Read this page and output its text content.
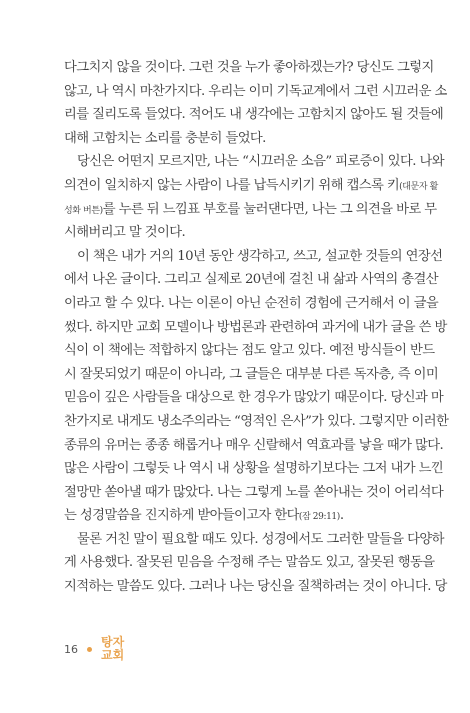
다그치지 않을 것이다. 그런 것을 누가 좋아하겠는가? 당신도 그렇지
않고, 나 역시 마찬가지다. 우리는 이미 기독교계에서 그런 시끄러운 소
리를 질리도록 들었다. 적어도 내 생각에는 고함치지 않아도 될 것들에
대해 고함치는 소리를 충분히 들었다.
당신은 어떤지 모르지만, 나는 “시끄러운 소음” 피로증이 있다. 나와
의견이 일치하지 않는 사람이 나를 납득시키기 위해 캡스록 키(대문자 활
성화 버튼)를 누른 뒤 느낌표 부호를 눌러댄다면, 나는 그 의견을 바로 무
시해버리고 말 것이다.
이 책은 내가 거의 10년 동안 생각하고, 쓰고, 설교한 것들의 연장선
에서 나온 글이다. 그리고 실제로 20년에 걸친 내 삶과 사역의 총결산
이라고 할 수 있다. 나는 이론이 아닌 순전히 경험에 근거해서 이 글을
썼다. 하지만 교회 모델이나 방법론과 관련하여 과거에 내가 글을 쓴 방
식이 이 책에는 적합하지 않다는 점도 알고 있다. 예전 방식들이 반드
시 잘못되었기 때문이 아니라, 그 글들은 대부분 다른 독자층, 즉 이미
믿음이 깊은 사람들을 대상으로 한 경우가 많았기 때문이다. 당신과 마
찬가지로 내게도 냉소주의라는 “영적인 은사”가 있다. 그렇지만 이러한
종류의 유머는 종종 해롭거나 매우 신랄해서 역효과를 낳을 때가 많다.
많은 사람이 그렇듯 나 역시 내 상황을 설명하기보다는 그저 내가 느낀
절망만 쏟아낼 때가 많았다. 나는 그렇게 노를 쏟아내는 것이 어리석다
는 성경말씀을 진지하게 받아들이고자 한다(잠 29:11).
물론 거친 말이 필요할 때도 있다. 성경에서도 그러한 말들을 다양하
게 사용했다. 잘못된 믿음을 수정해 주는 말씀도 있고, 잘못된 행동을
지적하는 말씀도 있다. 그러나 나는 당신을 질책하려는 것이 아니다. 당
16 탕자교회
